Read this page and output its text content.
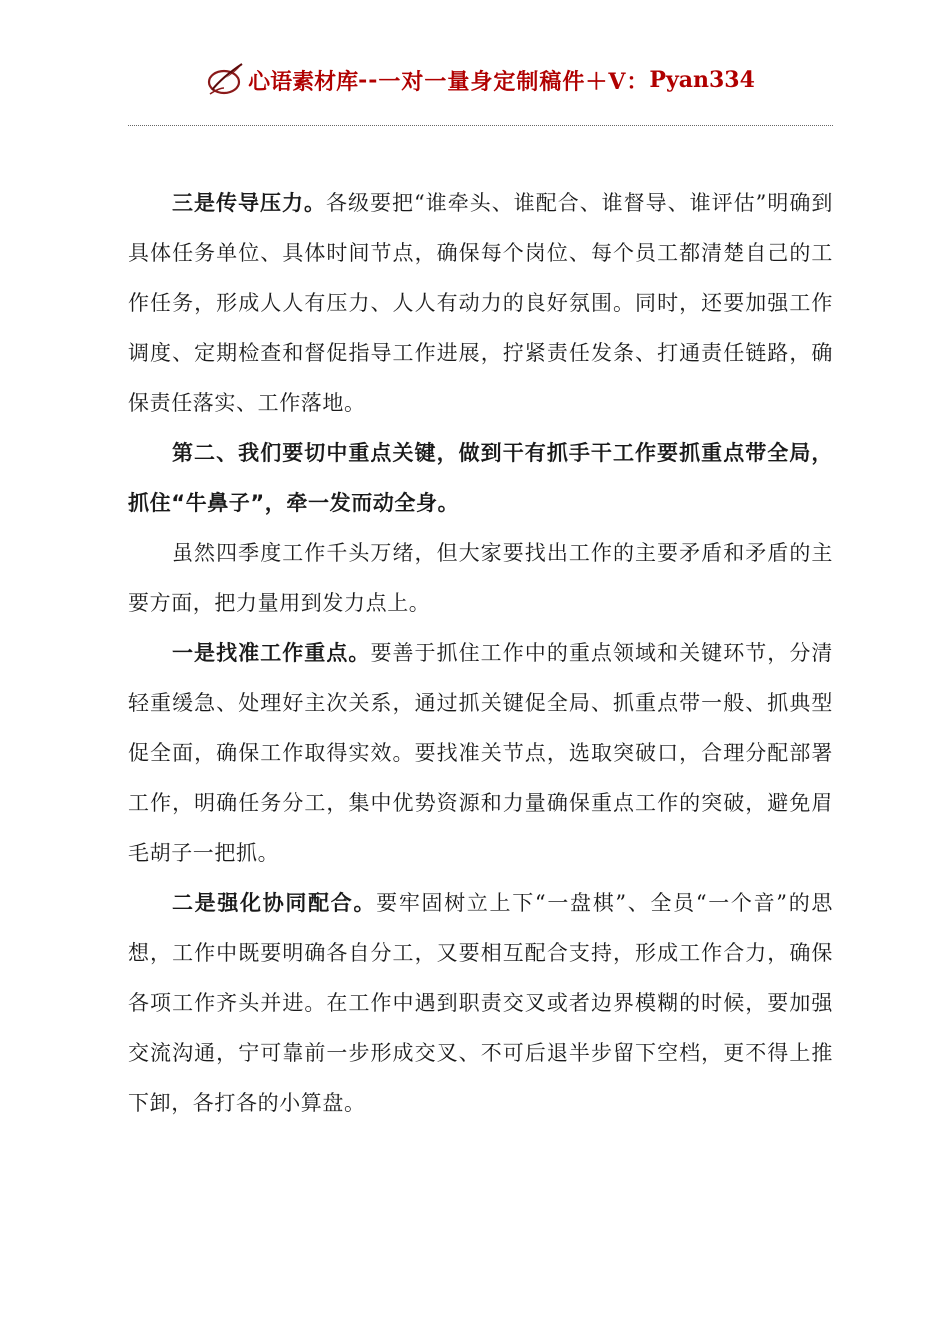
心语素材库 -- 一对一量身定制稿件＋V： Pyan334

三是传导压力。各级要把“谁牵头、谁配合、谁督导、谁评估”明确到具体任务单位、具体时间节点，确保每个岗位、每个员工都清楚自己的工作任务，形成人人有压力、人人有动力的良好氛围。同时，还要加强工作调度、定期检查和督促指导工作进展，拧紧责任发条、打通责任链路，确保责任落实、工作落地。

第二、我们要切中重点关键，做到干有抓手干工作要抓重点带全局，抓住“牛鼻子”，牵一发而动全身。

虽然四季度工作千头万绪，但大家要找出工作的主要矛盾和矛盾的主要方面，把力量用到发力点上。

一是找准工作重点。要善于抓住工作中的重点领域和关键环节，分清轻重缓急、处理好主次关系，通过抓关键促全局、抓重点带一般、抓典型促全面，确保工作取得实效。要找准关节点，选取突破口，合理分配部署工作，明确任务分工，集中优势资源和力量确保重点工作的突破，避免眉毛胡子一把抓。

二是强化协同配合。要牢固树立上下“一盘棋”、全员“一个音”的思想，工作中既要明确各自分工，又要相互配合支持，形成工作合力，确保各项工作齐头并进。在工作中遇到职责交叉或者边界模糊的时候，要加强交流沟通，宁可靠前一步形成交叉、不可后退半步留下空档，更不得上推下卸，各打各的小算盘。
